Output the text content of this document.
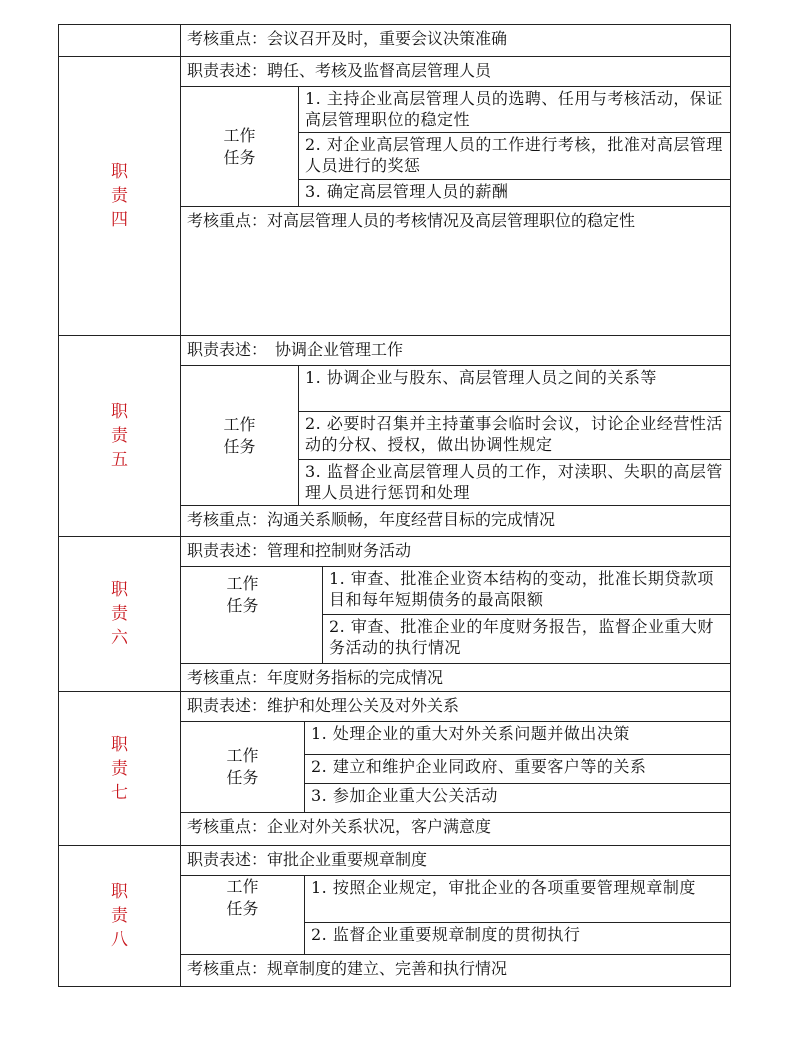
考核重点：会议召开及时，重要会议决策准确
职
责
四
职责表述：聘任、考核及监督高层管理人员
工作
任务
1. 主持企业高层管理人员的选聘、任用与考核活动，保证高层管理职位的稳定性
2. 对企业高层管理人员的工作进行考核，批准对高层管理人员进行的奖惩
3. 确定高层管理人员的薪酬
考核重点：对高层管理人员的考核情况及高层管理职位的稳定性
职
责
五
职责表述：　协调企业管理工作
工作
任务
1. 协调企业与股东、高层管理人员之间的关系等
2. 必要时召集并主持董事会临时会议，讨论企业经营性活动的分权、授权，做出协调性规定
3. 监督企业高层管理人员的工作，对渎职、失职的高层管理人员进行惩罚和处理
考核重点：沟通关系顺畅，年度经营目标的完成情况
职
责
六
职责表述：管理和控制财务活动
工作
任务
1. 审查、批准企业资本结构的变动，批准长期贷款项目和每年短期债务的最高限额
2. 审查、批准企业的年度财务报告，监督企业重大财务活动的执行情况
考核重点：年度财务指标的完成情况
职
责
七
职责表述：维护和处理公关及对外关系
工作
任务
1. 处理企业的重大对外关系问题并做出决策
2. 建立和维护企业同政府、重要客户等的关系
3. 参加企业重大公关活动
考核重点：企业对外关系状况，客户满意度
职
责
八
职责表述：审批企业重要规章制度
工作
任务
1. 按照企业规定，审批企业的各项重要管理规章制度
2. 监督企业重要规章制度的贯彻执行
考核重点：规章制度的建立、完善和执行情况
